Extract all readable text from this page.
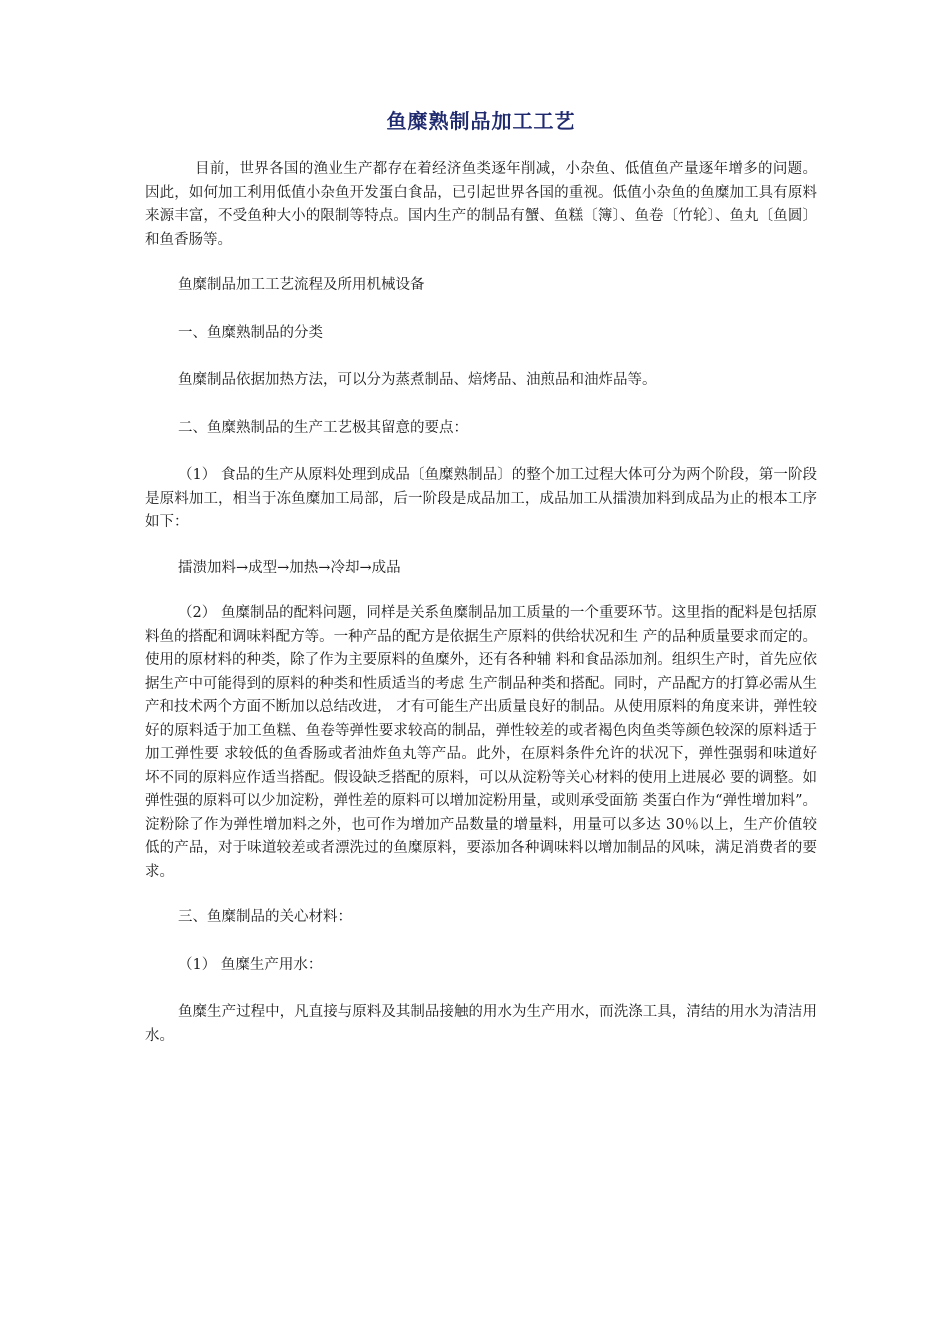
鱼糜熟制品加工工艺

目前，世界各国的渔业生产都存在着经济鱼类逐年削减，小杂鱼、低值鱼产量逐年增多的问题。因此，如何加工利用低值小杂鱼开发蛋白食品，已引起世界各国的重视。低值小杂鱼的鱼糜加工具有原料来源丰富，不受鱼种大小的限制等特点。国内生产的制品有蟹、鱼糕〔簿〕、鱼卷〔竹轮〕、鱼丸〔鱼圆〕和鱼香肠等。

鱼糜制品加工工艺流程及所用机械设备

一、鱼糜熟制品的分类

鱼糜制品依据加热方法，可以分为蒸煮制品、焙烤品、油煎品和油炸品等。

二、鱼糜熟制品的生产工艺极其留意的要点：

（1） 食品的生产从原料处理到成品〔鱼糜熟制品〕的整个加工过程大体可分为两个阶段，第一阶段是原料加工，相当于冻鱼糜加工局部，后一阶段是成品加工，成品加工从擂溃加料到成品为止的根本工序如下：

擂溃加料→成型→加热→冷却→成品

（2） 鱼糜制品的配料问题，同样是关系鱼糜制品加工质量的一个重要环节。这里指的配料是包括原料鱼的搭配和调味料配方等。一种产品的配方是依据生产原料的供给状况和生 产的品种质量要求而定的。使用的原材料的种类，除了作为主要原料的鱼糜外，还有各种辅 料和食品添加剂。组织生产时，首先应依据生产中可能得到的原料的种类和性质适当的考虑 生产制品种类和搭配。同时，产品配方的打算必需从生产和技术两个方面不断加以总结改进， 才有可能生产出质量良好的制品。从使用原料的角度来讲，弹性较好的原料适于加工鱼糕、鱼卷等弹性要求较高的制品，弹性较差的或者褐色肉鱼类等颜色较深的原料适于加工弹性要 求较低的鱼香肠或者油炸鱼丸等产品。此外，在原料条件允许的状况下，弹性强弱和味道好 坏不同的原料应作适当搭配。假设缺乏搭配的原料，可以从淀粉等关心材料的使用上进展必 要的调整。如弹性强的原料可以少加淀粉，弹性差的原料可以增加淀粉用量，或则承受面筋 类蛋白作为“弹性增加料”。 淀粉除了作为弹性增加料之外，也可作为增加产品数量的增量料，用量可以多达 30％以上，生产价值较低的产品，对于味道较差或者漂洗过的鱼糜原料，要添加各种调味料以增加制品的风味，满足消费者的要求。

三、鱼糜制品的关心材料：

（1） 鱼糜生产用水：

鱼糜生产过程中，凡直接与原料及其制品接触的用水为生产用水，而洗涤工具，清结的用水为清洁用水。
